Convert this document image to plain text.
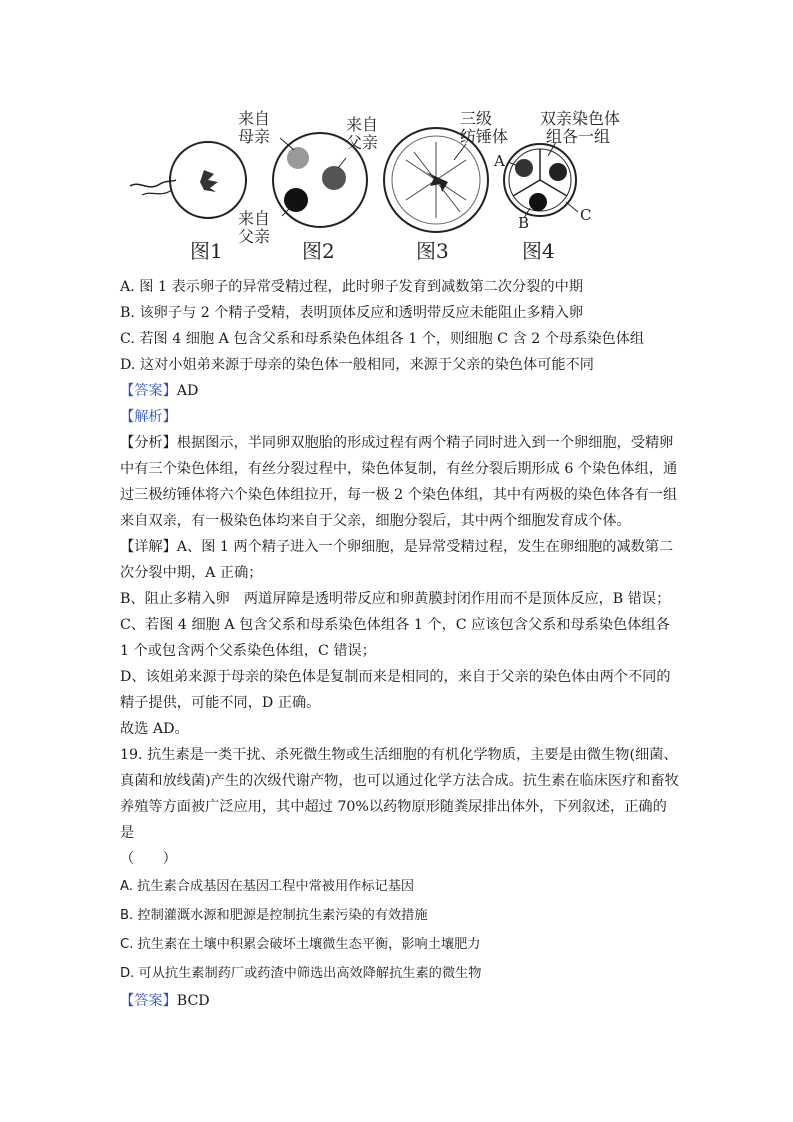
图1
来自
母亲
来自
父亲
来自
父亲
图2
三级
纺锤体
图3
双亲染色体
组各一组
A
B	C
图4
A. 图 1 表示卵子的异常受精过程，此时卵子发育到减数第二次分裂的中期
B. 该卵子与 2 个精子受精，表明顶体反应和透明带反应未能阻止多精入卵
C. 若图 4 细胞 A 包含父系和母系染色体组各 1 个，则细胞 C 含 2 个母系染色体组
D. 这对小姐弟来源于母亲的染色体一般相同，来源于父亲的染色体可能不同
【答案】AD
【解析】

【分析】根据图示，半同卵双胞胎的形成过程有两个精子同时进入到一个卵细胞，受精卵中有三个染色体组，有丝分裂过程中，染色体复制，有丝分裂后期形成 6 个染色体组，通过三极纺锤体将六个染色体组拉开，每一极 2 个染色体组，其中有两极的染色体各有一组来自双亲，有一极染色体均来自于父亲，细胞分裂后，其中两个细胞发育成个体。

【详解】A、图 1 两个精子进入一个卵细胞，是异常受精过程，发生在卵细胞的减数第二次分裂中期，A 正确；

B、阻止多精入卵　两道屏障是透明带反应和卵黄膜封闭作用而不是顶体反应，B 错误；

C、若图 4 细胞 A 包含父系和母系染色体组各 1 个，C 应该包含父系和母系染色体组各 1 个或包含两个父系染色体组，C 错误；

D、该姐弟来源于母亲的染色体是复制而来是相同的，来自于父亲的染色体由两个不同的精子提供，可能不同，D 正确。

故选 AD。

19. 抗生素是一类干扰、杀死微生物或生活细胞的有机化学物质，主要是由微生物(细菌、真菌和放线菌)产生的次级代谢产物，也可以通过化学方法合成。抗生素在临床医疗和畜牧养殖等方面被广泛应用，其中超过 70%以药物原形随粪尿排出体外，下列叙述，正确的是

（　　）

A. 抗生素合成基因在基因工程中常被用作标记基因
B. 控制灌溉水源和肥源是控制抗生素污染的有效措施
C. 抗生素在土壤中积累会破坏土壤微生态平衡，影响土壤肥力
D. 可从抗生素制药厂或药渣中筛选出高效降解抗生素的微生物
【答案】BCD
